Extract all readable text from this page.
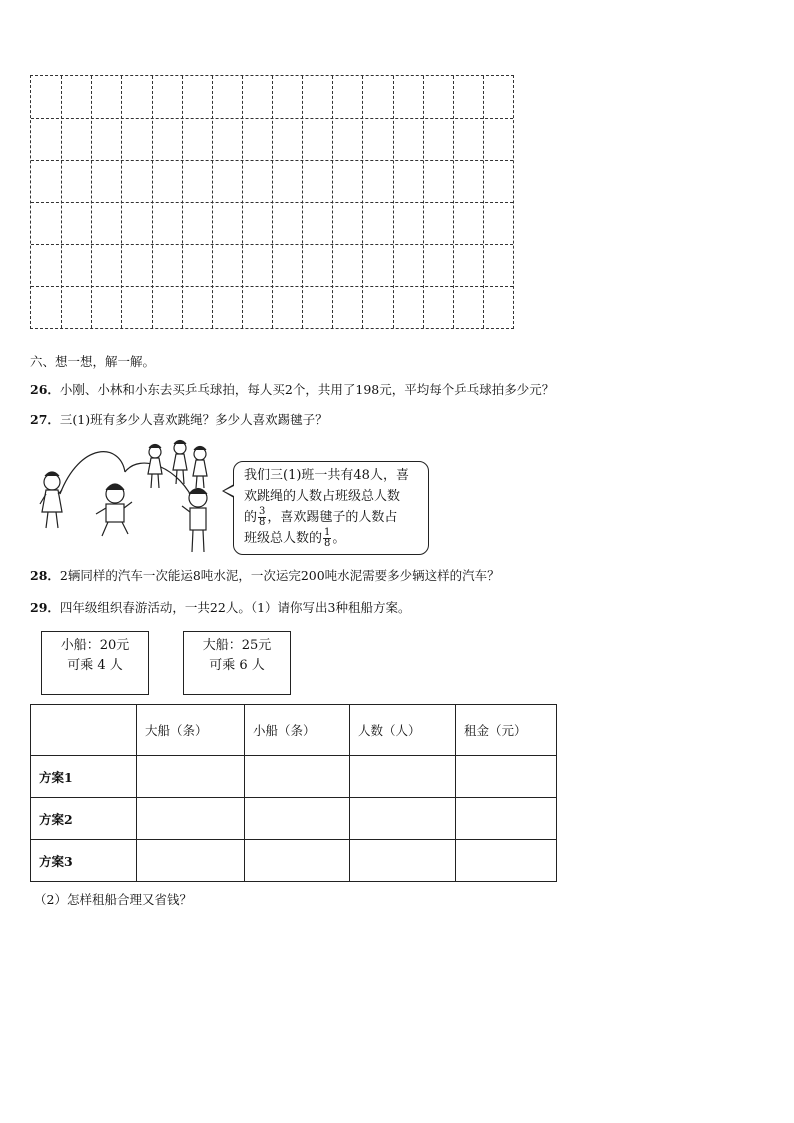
六、想一想，解一解。
26．小刚、小林和小东去买乒乓球拍，每人买2个，共用了198元，平均每个乒乓球拍多少元？
27．三(1)班有多少人喜欢跳绳？多少人喜欢踢毽子？
我们三(1)班一共有48人，喜
欢跳绳的人数占班级总人数
的 $\frac{3}{8}$ ，喜欢踢毽子的人数占
班级总人数的 $\frac{1}{8}$ 。
28．2辆同样的汽车一次能运8吨水泥，一次运完200吨水泥需要多少辆这样的汽车？
29．四年级组织春游活动，一共22人。（1）请你写出3种租船方案。
小船：20元
可乘 4 人
大船：25元
可乘 6 人
	大船（条）	小船（条）	人数（人）	租金（元）
方案1				
方案2				
方案3				
（2）怎样租船合理又省钱？
